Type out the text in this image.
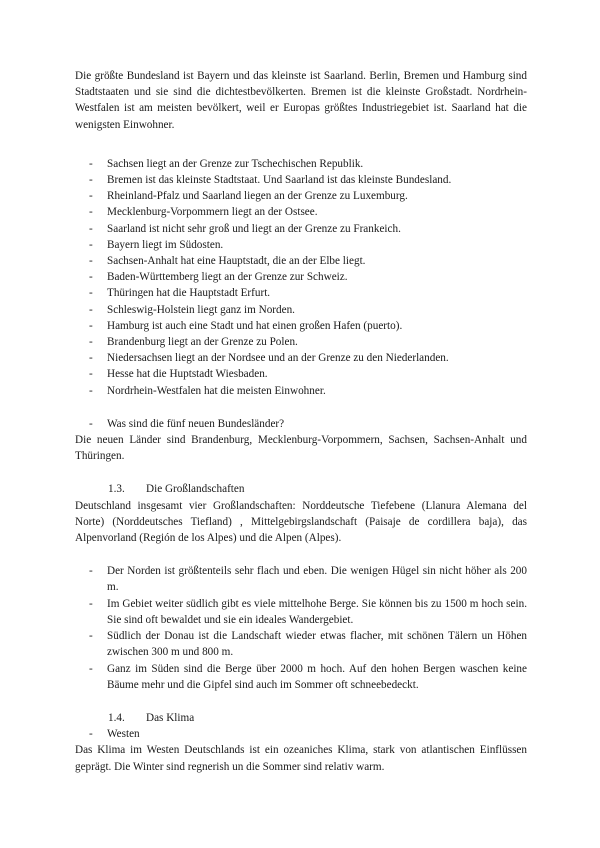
Die größte Bundesland ist Bayern und das kleinste ist Saarland. Berlin, Bremen und Hamburg sind Stadtstaaten und sie sind die dichtestbevölkerten. Bremen ist die kleinste Großstadt. Nordrhein-Westfalen ist am meisten bevölkert, weil er Europas größtes Industriegebiet ist. Saarland hat die wenigsten Einwohner.

- Sachsen liegt an der Grenze zur Tschechischen Republik.
- Bremen ist das kleinste Stadtstaat. Und Saarland ist das kleinste Bundesland.
- Rheinland-Pfalz und Saarland liegen an der Grenze zu Luxemburg.
- Mecklenburg-Vorpommern liegt an der Ostsee.
- Saarland ist nicht sehr groß und liegt an der Grenze zu Frankeich.
- Bayern liegt im Südosten.
- Sachsen-Anhalt hat eine Hauptstadt, die an der Elbe liegt.
- Baden-Württemberg liegt an der Grenze zur Schweiz.
- Thüringen hat die Hauptstadt Erfurt.
- Schleswig-Holstein liegt ganz im Norden.
- Hamburg ist auch eine Stadt und hat einen großen Hafen (puerto).
- Brandenburg liegt an der Grenze zu Polen.
- Niedersachsen liegt an der Nordsee und an der Grenze zu den Niederlanden.
- Hesse hat die Huptstadt Wiesbaden.
- Nordrhein-Westfalen hat die meisten Einwohner.
- Was sind die fünf neuen Bundesländer?

Die neuen Länder sind Brandenburg, Mecklenburg-Vorpommern, Sachsen, Sachsen-Anhalt und Thüringen.

1.3.	Die Großlandschaften

Deutschland insgesamt vier Großlandschaften: Norddeutsche Tiefebene (Llanura Alemana del Norte) (Norddeutsches Tiefland) , Mittelgebirgslandschaft (Paisaje de cordillera baja), das Alpenvorland (Región de los Alpes) und die Alpen (Alpes).

- Der Norden ist größtenteils sehr flach und eben. Die wenigen Hügel sin nicht höher als 200 m.
- Im Gebiet weiter südlich gibt es viele mittelhohe Berge. Sie können bis zu 1500 m hoch sein. Sie sind oft bewaldet und sie ein ideales Wandergebiet.
- Südlich der Donau ist die Landschaft wieder etwas flacher, mit schönen Tälern un Höhen zwischen 300 m und 800 m.
- Ganz im Süden sind die Berge über 2000 m hoch. Auf den hohen Bergen waschen keine Bäume mehr und die Gipfel sind auch im Sommer oft schneebedeckt.
1.4.	Das Klima
- Westen

Das Klima im Westen Deutschlands ist ein ozeaniches Klima, stark von atlantischen Einflüssen geprägt. Die Winter sind regnerish un die Sommer sind relativ warm.
